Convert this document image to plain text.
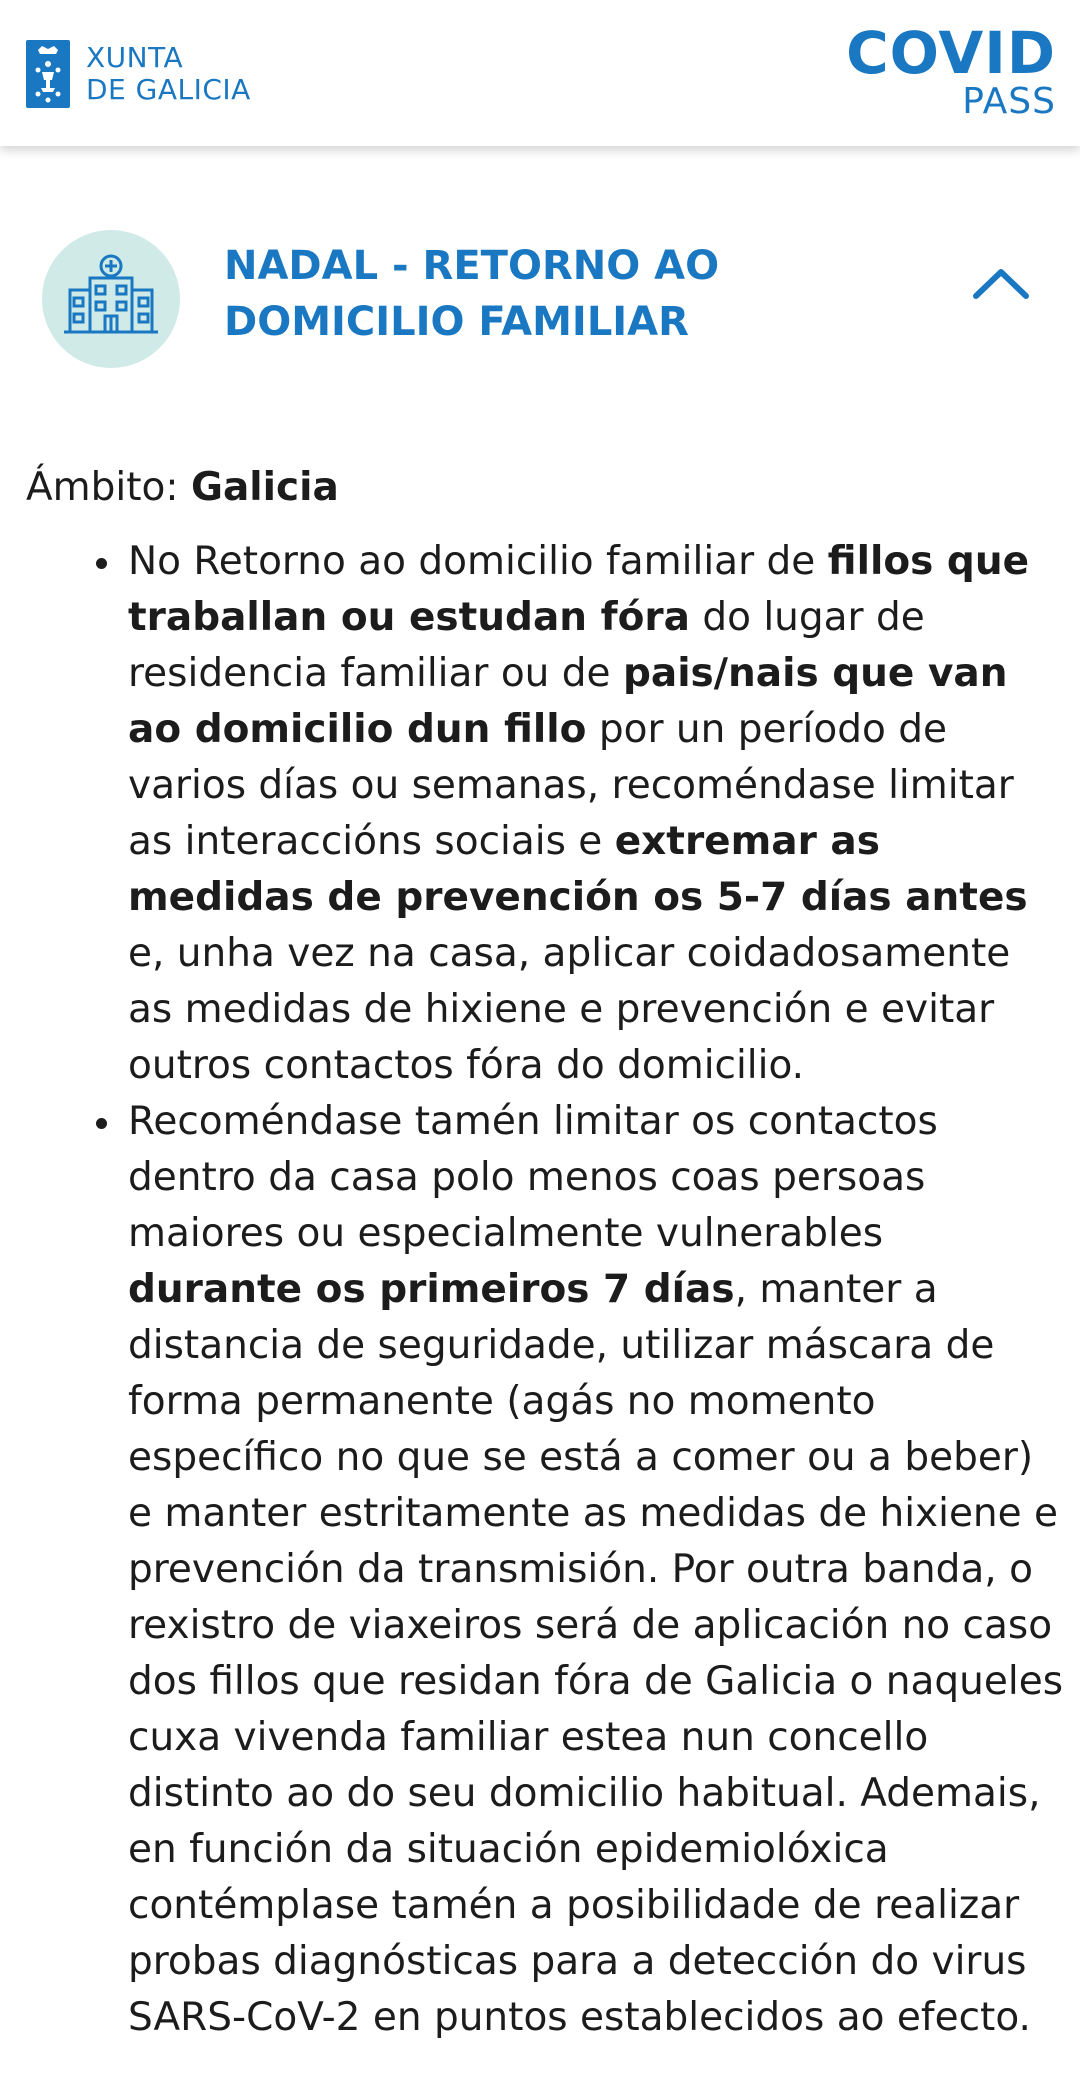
XUNTA
DE GALICIA
COVID
PASS
NADAL - RETORNO AO DOMICILIO FAMILIAR
Ámbito: Galicia
No Retorno ao domicilio familiar de fillos que traballan ou estudan fóra do lugar de residencia familiar ou de pais/nais que van ao domicilio dun fillo por un período de varios días ou semanas, recoméndase limitar as interaccións sociais e extremar as medidas de prevención os 5-7 días antes e, unha vez na casa, aplicar coidadosamente as medidas de hixiene e prevención e evitar outros contactos fóra do domicilio.
Recoméndase tamén limitar os contactos dentro da casa polo menos coas persoas maiores ou especialmente vulnerables durante os primeiros 7 días, manter a distancia de seguridade, utilizar máscara de forma permanente (agás no momento específico no que se está a comer ou a beber) e manter estritamente as medidas de hixiene e prevención da transmisión. Por outra banda, o rexistro de viaxeiros será de aplicación no caso dos fillos que residan fóra de Galicia o naqueles cuxa vivenda familiar estea nun concello distinto ao do seu domicilio habitual. Ademais, en función da situación epidemiolóxica contémplase tamén a posibilidade de realizar probas diagnósticas para a detección do virus SARS-CoV-2 en puntos establecidos ao efecto.
